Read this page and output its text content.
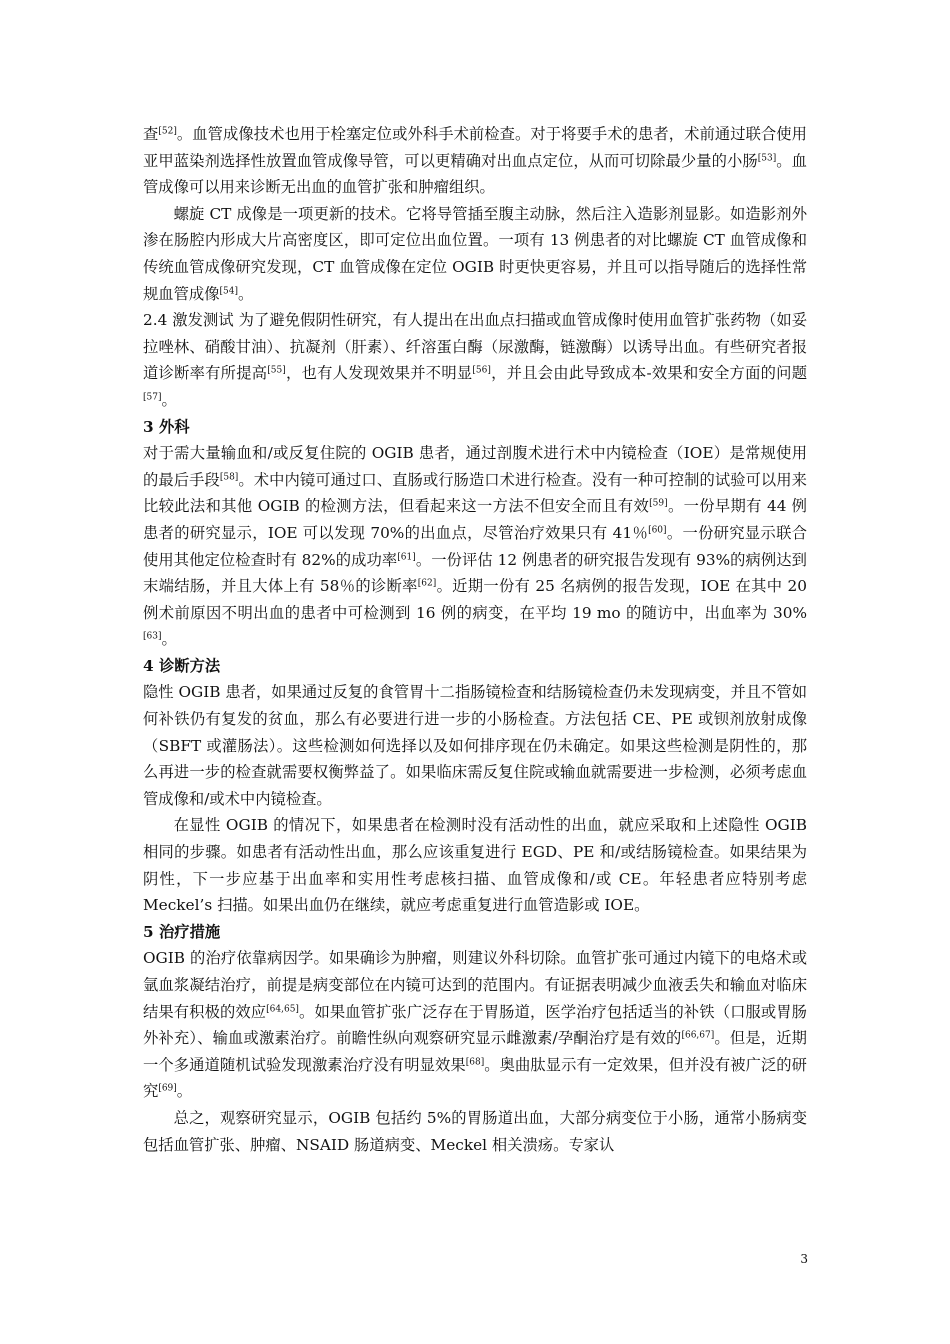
查[52]。血管成像技术也用于栓塞定位或外科手术前检查。对于将要手术的患者，术前通过联合使用亚甲蓝染剂选择性放置血管成像导管，可以更精确对出血点定位，从而可切除最少量的小肠[53]。血管成像可以用来诊断无出血的血管扩张和肿瘤组织。

螺旋 CT 成像是一项更新的技术。它将导管插至腹主动脉，然后注入造影剂显影。如造影剂外渗在肠腔内形成大片高密度区，即可定位出血位置。一项有 13 例患者的对比螺旋 CT 血管成像和传统血管成像研究发现，CT 血管成像在定位 OGIB 时更快更容易，并且可以指导随后的选择性常规血管成像[54]。

2.4 激发测试 为了避免假阴性研究，有人提出在出血点扫描或血管成像时使用血管扩张药物（如妥拉唑林、硝酸甘油）、抗凝剂（肝素）、纤溶蛋白酶（尿激酶，链激酶）以诱导出血。有些研究者报道诊断率有所提高[55]，也有人发现效果并不明显[56]，并且会由此导致成本-效果和安全方面的问题[57]。

3 外科

对于需大量输血和/或反复住院的 OGIB 患者，通过剖腹术进行术中内镜检查（IOE）是常规使用的最后手段[58]。术中内镜可通过口、直肠或行肠造口术进行检查。没有一种可控制的试验可以用来比较此法和其他 OGIB 的检测方法，但看起来这一方法不但安全而且有效[59]。一份早期有 44 例患者的研究显示，IOE 可以发现 70%的出血点，尽管治疗效果只有 41％[60]。一份研究显示联合使用其他定位检查时有 82%的成功率[61]。一份评估 12 例患者的研究报告发现有 93%的病例达到末端结肠，并且大体上有 58％的诊断率[62]。近期一份有 25 名病例的报告发现，IOE 在其中 20 例术前原因不明出血的患者中可检测到 16 例的病变，在平均 19 mo 的随访中，出血率为 30%[63]。

4 诊断方法

隐性 OGIB 患者，如果通过反复的食管胃十二指肠镜检查和结肠镜检查仍未发现病变，并且不管如何补铁仍有复发的贫血，那么有必要进行进一步的小肠检查。方法包括 CE、PE 或钡剂放射成像（SBFT 或灌肠法）。这些检测如何选择以及如何排序现在仍未确定。如果这些检测是阴性的，那么再进一步的检查就需要权衡弊益了。如果临床需反复住院或输血就需要进一步检测，必须考虑血管成像和/或术中内镜检查。

在显性 OGIB 的情况下，如果患者在检测时没有活动性的出血，就应采取和上述隐性 OGIB 相同的步骤。如患者有活动性出血，那么应该重复进行 EGD、PE 和/或结肠镜检查。如果结果为阴性，下一步应基于出血率和实用性考虑核扫描、血管成像和/或 CE。年轻患者应特别考虑 Meckel’s 扫描。如果出血仍在继续，就应考虑重复进行血管造影或 IOE。

5 治疗措施

OGIB 的治疗依靠病因学。如果确诊为肿瘤，则建议外科切除。血管扩张可通过内镜下的电烙术或氩血浆凝结治疗，前提是病变部位在内镜可达到的范围内。有证据表明减少血液丢失和输血对临床结果有积极的效应[64,65]。如果血管扩张广泛存在于胃肠道，医学治疗包括适当的补铁（口服或胃肠外补充）、输血或激素治疗。前瞻性纵向观察研究显示雌激素/孕酮治疗是有效的[66,67]。但是，近期一个多通道随机试验发现激素治疗没有明显效果[68]。奥曲肽显示有一定效果，但并没有被广泛的研究[69]。

总之，观察研究显示，OGIB 包括约 5%的胃肠道出血，大部分病变位于小肠，通常小肠病变包括血管扩张、肿瘤、NSAID 肠道病变、Meckel 相关溃疡。专家认

3
